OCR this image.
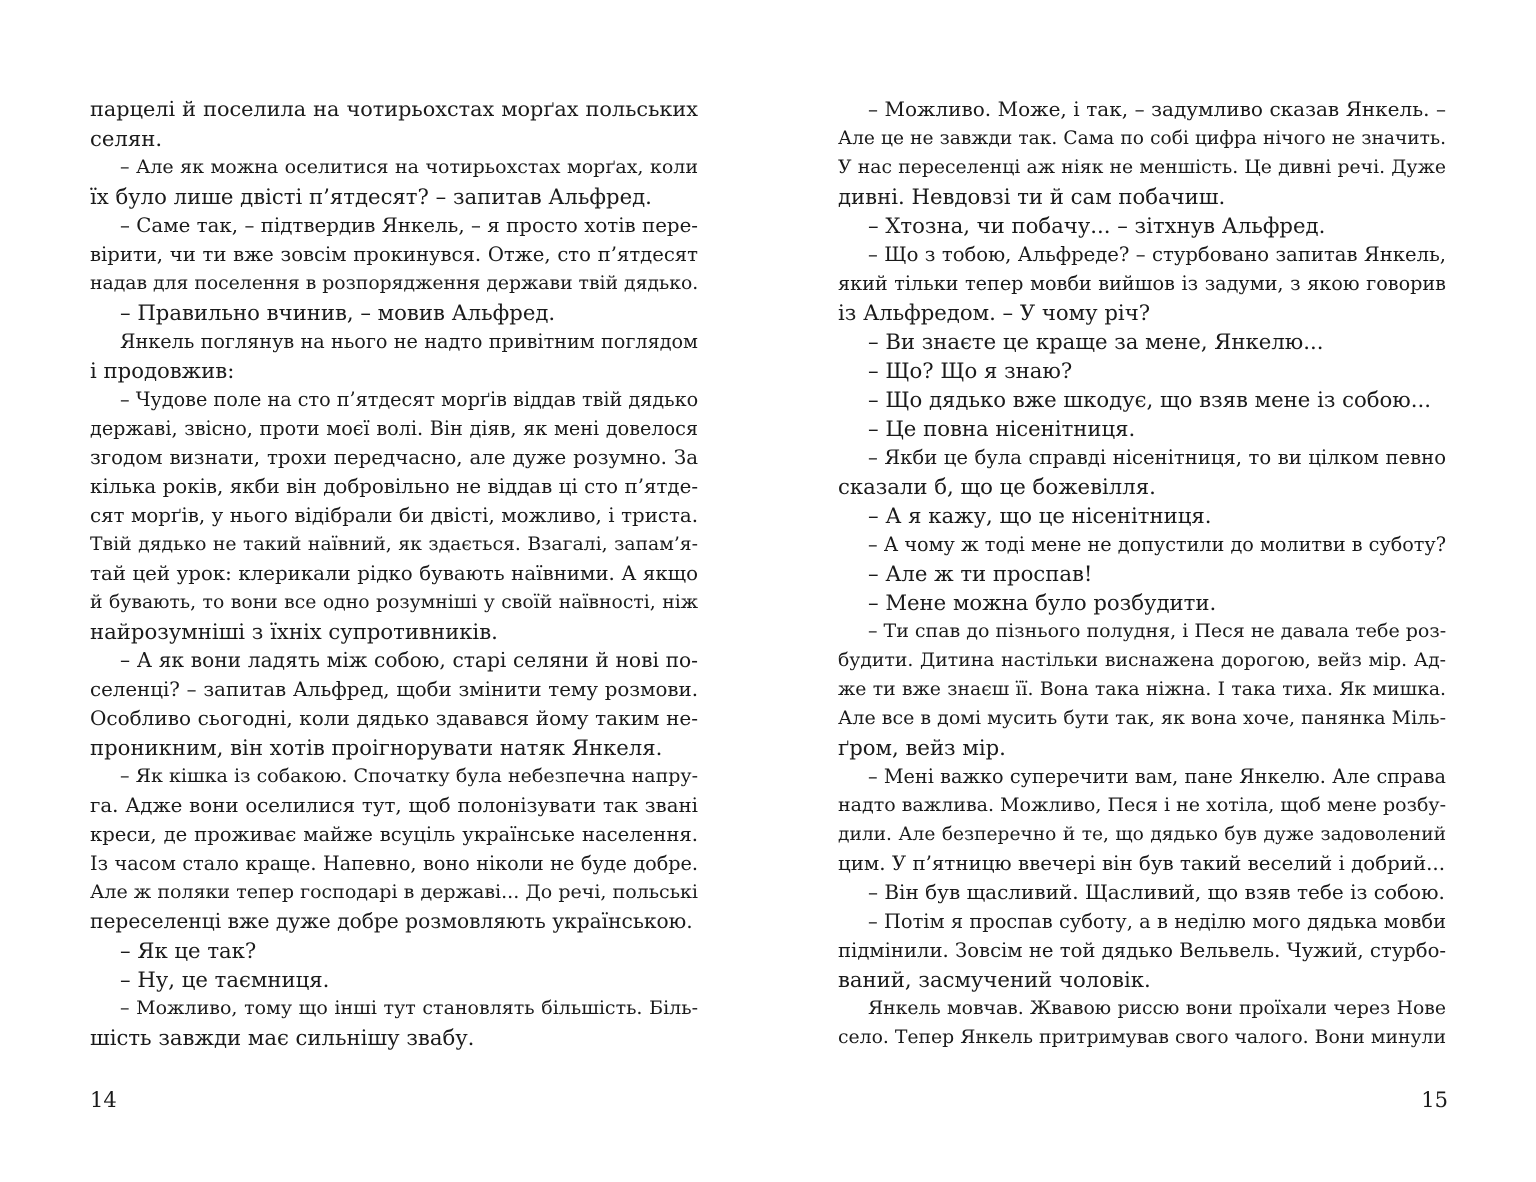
парцелі й поселила на чотирьохстах морґах польських
селян.
– Але як можна оселитися на чотирьохстах морґах, коли
їх було лише двісті п’ятдесят? – запитав Альфред.
– Саме так, – підтвердив Янкель, – я просто хотів пере-
вірити, чи ти вже зовсім прокинувся. Отже, сто п’ятдесят
надав для поселення в розпорядження держави твій дядько.
– Правильно вчинив, – мовив Альфред.
Янкель поглянув на нього не надто привітним поглядом
і продовжив:
– Чудове поле на сто п’ятдесят морґів віддав твій дядько
державі, звісно, проти моєї волі. Він діяв, як мені довелося
згодом визнати, трохи передчасно, але дуже розумно. За
кілька років, якби він добровільно не віддав ці сто п’ятде-
сят морґів, у нього відібрали би двісті, можливо, і триста.
Твій дядько не такий наївний, як здається. Взагалі, запам’я-
тай цей урок: клерикали рідко бувають наївними. А якщо
й бувають, то вони все одно розумніші у своїй наївності, ніж
найрозумніші з їхніх супротивників.
– А як вони ладять між собою, старі селяни й нові по-
селенці? – запитав Альфред, щоби змінити тему розмови.
Особливо сьогодні, коли дядько здавався йому таким не-
проникним, він хотів проігнорувати натяк Янкеля.
– Як кішка із собакою. Спочатку була небезпечна напру-
га. Адже вони оселилися тут, щоб полонізувати так звані
креси, де проживає майже всуціль українське населення.
Із часом стало краще. Напевно, воно ніколи не буде добре.
Але ж поляки тепер господарі в державі... До речі, польські
переселенці вже дуже добре розмовляють українською.
– Як це так?
– Ну, це таємниця.
– Можливо, тому що інші тут становлять більшість. Біль-
шість завжди має сильнішу звабу.
14
– Можливо. Може, і так, – задумливо сказав Янкель. –
Але це не завжди так. Сама по собі цифра нічого не значить.
У нас переселенці аж ніяк не меншість. Це дивні речі. Дуже
дивні. Невдовзі ти й сам побачиш.
– Хтозна, чи побачу... – зітхнув Альфред.
– Що з тобою, Альфреде? – стурбовано запитав Янкель,
який тільки тепер мовби вийшов із задуми, з якою говорив
із Альфредом. – У чому річ?
– Ви знаєте це краще за мене, Янкелю...
– Що? Що я знаю?
– Що дядько вже шкодує, що взяв мене із собою...
– Це повна нісенітниця.
– Якби це була справді нісенітниця, то ви цілком певно
сказали б, що це божевілля.
– А я кажу, що це нісенітниця.
– А чому ж тоді мене не допустили до молитви в суботу?
– Але ж ти проспав!
– Мене можна було розбудити.
– Ти спав до пізнього полудня, і Песя не давала тебе роз-
будити. Дитина настільки виснажена дорогою, вейз мір. Ад-
же ти вже знаєш її. Вона така ніжна. І така тиха. Як мишка.
Але все в домі мусить бути так, як вона хоче, панянка Міль-
ґром, вейз мір.
– Мені важко суперечити вам, пане Янкелю. Але справа
надто важлива. Можливо, Песя і не хотіла, щоб мене розбу-
дили. Але безперечно й те, що дядько був дуже задоволений
цим. У п’ятницю ввечері він був такий веселий і добрий...
– Він був щасливий. Щасливий, що взяв тебе із собою.
– Потім я проспав суботу, а в неділю мого дядька мовби
підмінили. Зовсім не той дядько Вельвель. Чужий, стурбо-
ваний, засмучений чоловік.
Янкель мовчав. Жвавою риссю вони проїхали через Нове
село. Тепер Янкель притримував свого чалого. Вони минули
15
